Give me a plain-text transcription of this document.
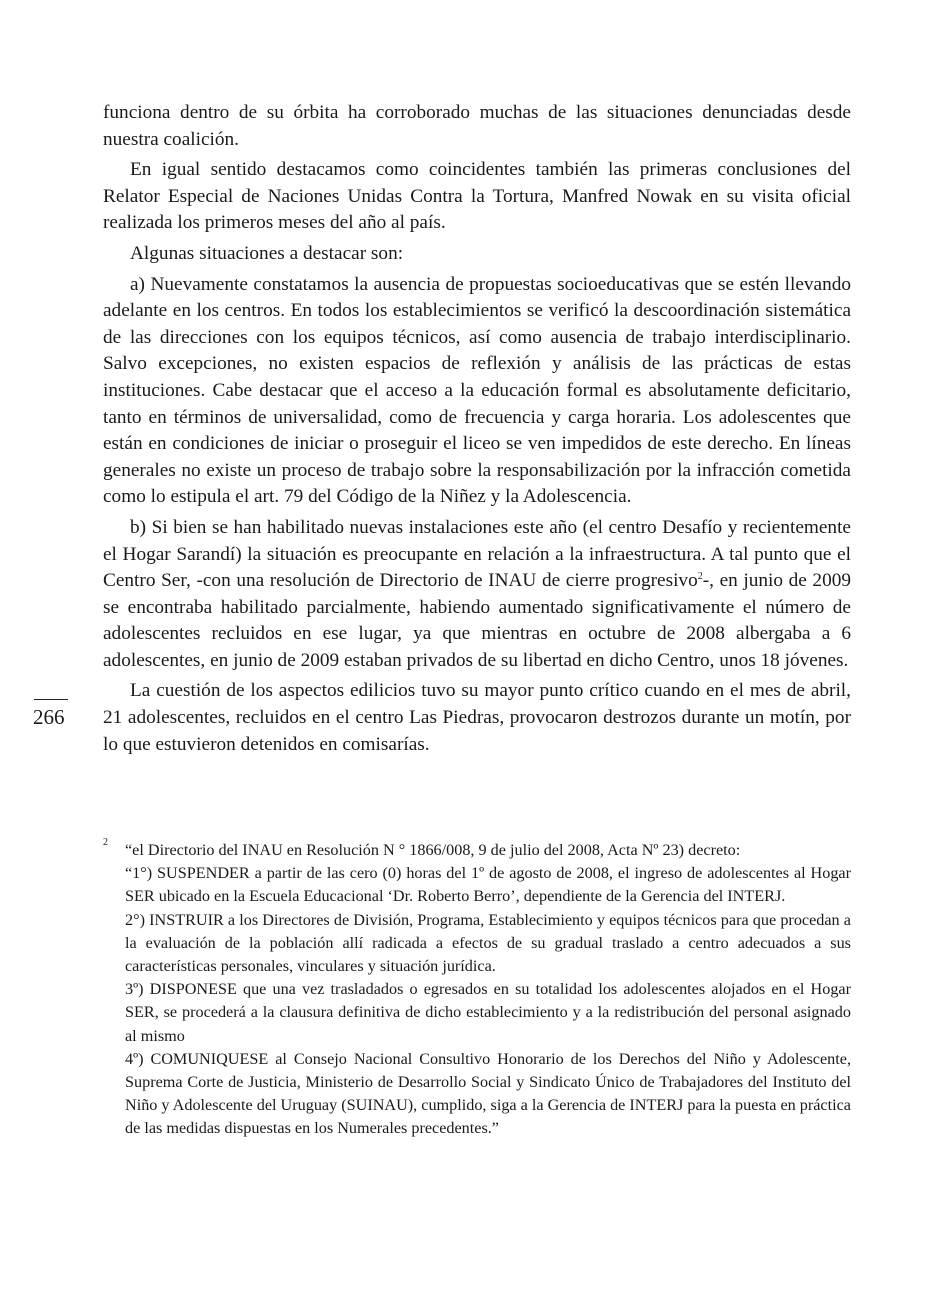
funciona dentro de su órbita ha corroborado muchas de las situaciones denunciadas desde nuestra coalición.

En igual sentido destacamos como coincidentes también las primeras conclusiones del Relator Especial de Naciones Unidas Contra la Tortura, Manfred Nowak en su visita oficial realizada los primeros meses del año al país.

Algunas situaciones a destacar son:

a) Nuevamente constatamos la ausencia de propuestas socioeducativas que se estén llevando adelante en los centros. En todos los establecimientos se verificó la descoordinación sistemática de las direcciones con los equipos técnicos, así como ausencia de trabajo interdisciplinario. Salvo excepciones, no existen espacios de reflexión y análisis de las prácticas de estas instituciones. Cabe destacar que el acceso a la educación formal es absolutamente deficitario, tanto en términos de universalidad, como de frecuencia y carga horaria. Los adolescentes que están en condiciones de iniciar o proseguir el liceo se ven impedidos de este derecho. En líneas generales no existe un proceso de trabajo sobre la responsabilización por la infracción cometida como lo estipula el art. 79 del Código de la Niñez y la Adolescencia.

b) Si bien se han habilitado nuevas instalaciones este año (el centro Desafío y recientemente el Hogar Sarandí) la situación es preocupante en relación a la infraestructura. A tal punto que el Centro Ser, -con una resolución de Directorio de INAU de cierre progresivo$^2$-, en junio de 2009 se encontraba habilitado parcialmente, habiendo aumentado significativamente el número de adolescentes recluidos en ese lugar, ya que mientras en octubre de 2008 albergaba a 6 adolescentes, en junio de 2009 estaban privados de su libertad en dicho Centro, unos 18 jóvenes.

La cuestión de los aspectos edilicios tuvo su mayor punto crítico cuando en el mes de abril, 21 adolescentes, recluidos en el centro Las Piedras, provocaron destrozos durante un motín, por lo que estuvieron detenidos en comisarías.

266
2 “el Directorio del INAU en Resolución N ° 1866/008, 9 de julio del 2008, Acta Nº 23) decreto:

“1°) SUSPENDER a partir de las cero (0) horas del 1º de agosto de 2008, el ingreso de adolescentes al Hogar SER ubicado en la Escuela Educacional ‘Dr. Roberto Berro’, dependiente de la Gerencia del INTERJ.

2°) INSTRUIR a los Directores de División, Programa, Establecimiento y equipos técnicos para que procedan a la evaluación de la población allí radicada a efectos de su gradual traslado a centro adecuados a sus características personales, vinculares y situación jurídica.

3º) DISPONESE que una vez trasladados o egresados en su totalidad los adolescentes alojados en el Hogar SER, se procederá a la clausura definitiva de dicho establecimiento y a la redistribución del personal asignado al mismo

4º) COMUNIQUESE al Consejo Nacional Consultivo Honorario de los Derechos del Niño y Adolescente, Suprema Corte de Justicia, Ministerio de Desarrollo Social y Sindicato Único de Trabajadores del Instituto del Niño y Adolescente del Uruguay (SUINAU), cumplido, siga a la Gerencia de INTERJ para la puesta en práctica de las medidas dispuestas en los Numerales precedentes.”
